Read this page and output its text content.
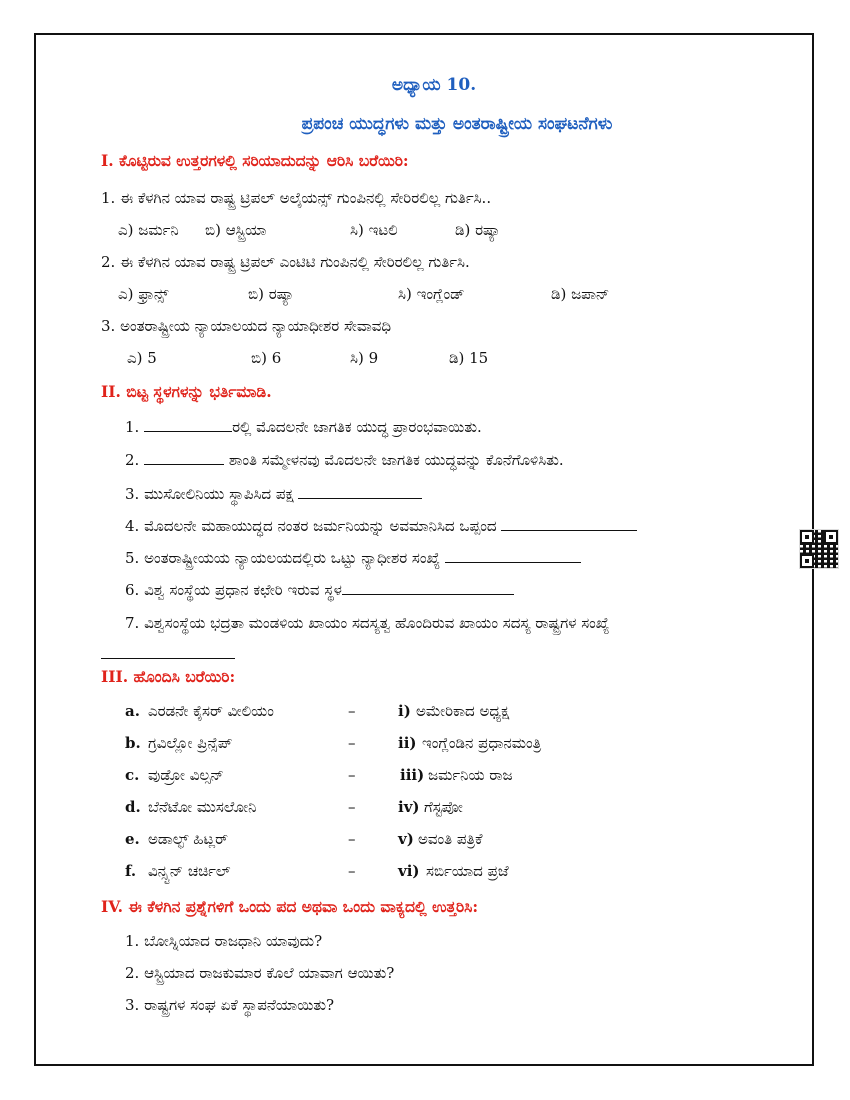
ಅಧ್ಯಾಯ 10.
ಪ್ರಪಂಚ ಯುದ್ಧಗಳು ಮತ್ತು ಅಂತರಾಷ್ಟ್ರೀಯ ಸಂಘಟನೆಗಳು
I. ಕೊಟ್ಟಿರುವ ಉತ್ತರಗಳಲ್ಲಿ ಸರಿಯಾದುದನ್ನು ಆರಿಸಿ ಬರೆಯಿರಿ:
1. ಈ ಕೆಳಗಿನ ಯಾವ ರಾಷ್ಟ್ರ ಟ್ರಿಪಲ್ ಅಲೈಯನ್ಸ್ ಗುಂಪಿನಲ್ಲಿ ಸೇರಿರಲಿಲ್ಲ ಗುರ್ತಿಸಿ..
ಎ) ಜರ್ಮನಿ ಬಿ) ಆಸ್ಟ್ರಿಯಾ	ಸಿ) ಇಟಲಿ	ಡಿ) ರಷ್ಯಾ
2. ಈ ಕೆಳಗಿನ ಯಾವ ರಾಷ್ಟ್ರ ಟ್ರಿಪಲ್ ಎಂಟಿಟಿ ಗುಂಪಿನಲ್ಲಿ ಸೇರಿರಲಿಲ್ಲ ಗುರ್ತಿಸಿ.
ಎ) ಫ್ರಾನ್ಸ್	ಬಿ) ರಷ್ಯಾ	ಸಿ) ಇಂಗ್ಲೆಂಡ್	ಡಿ) ಜಪಾನ್
3. ಅಂತರಾಷ್ಟ್ರೀಯ ನ್ಯಾಯಾಲಯದ ನ್ಯಾಯಾಧೀಶರ ಸೇವಾವಧಿ
ಎ) 5	ಬಿ) 6	ಸಿ) 9	ಡಿ) 15
II. ಬಿಟ್ಟ ಸ್ಥಳಗಳನ್ನು ಭರ್ತಿಮಾಡಿ.
1.	ರಲ್ಲಿ ಮೊದಲನೇ ಜಾಗತಿಕ ಯುದ್ಧ ಪ್ರಾರಂಭವಾಯಿತು.
2.	ಶಾಂತಿ ಸಮ್ಮೇಳನವು ಮೊದಲನೇ ಜಾಗತಿಕ ಯುದ್ಧವನ್ನು ಕೊನೆಗೊಳಿಸಿತು.
3. ಮುಸೋಲಿನಿಯು ಸ್ಥಾಪಿಸಿದ ಪಕ್ಷ
4. ಮೊದಲನೇ ಮಹಾಯುದ್ಧದ ನಂತರ ಜರ್ಮನಿಯನ್ನು ಅವಮಾನಿಸಿದ ಒಪ್ಪಂದ
5. ಅಂತರಾಷ್ಟ್ರೀಯಯ ನ್ಯಾಯಲಯದಲ್ಲಿರು ಒಟ್ಟು ನ್ಯಾಧೀಶರ ಸಂಖ್ಯೆ
6. ವಿಶ್ವ ಸಂಸ್ಥೆಯ ಪ್ರಧಾನ ಕಛೇರಿ ಇರುವ ಸ್ಥಳ
7. ವಿಶ್ವಸಂಸ್ಥೆಯ ಭದ್ರತಾ ಮಂಡಳಿಯ ಖಾಯಂ ಸದಸ್ಯತ್ವ ಹೊಂದಿರುವ ಖಾಯಂ ಸದಸ್ಯ ರಾಷ್ಟ್ರಗಳ ಸಂಖ್ಯೆ
III. ಹೊಂದಿಸಿ ಬರೆಯಿರಿ:
a. ಎರಡನೇ ಕೈಸರ್ ವೀಲಿಯಂ	–	i) ಅಮೇರಿಕಾದ ಅಧ್ಯಕ್ಷ
b. ಗ್ರವಿಲ್ಲೋ ಪ್ರಿನ್ಸೆಪ್	–	ii) ಇಂಗ್ಲೆಂಡಿನ ಪ್ರಧಾನಮಂತ್ರಿ
c. ವುಡ್ರೋ ವಿಲ್ಸನ್	–	iii) ಜರ್ಮನಿಯ ರಾಜ
d. ಬೆನೆಟೋ ಮುಸಲೋನಿ	–	iv) ಗೆಸ್ಟಪೋ
e. ಅಡಾಲ್ಫ್ ಹಿಟ್ಲರ್	–	v) ಅವಂತಿ ಪತ್ರಿಕೆ
f. ವಿನ್ಸ್ಟನ್ ಚರ್ಚಿಲ್	–	vi) ಸರ್ಬಿಯಾದ ಪ್ರಜೆ
IV. ಈ ಕೆಳಗಿನ ಪ್ರಶ್ನೆಗಳಿಗೆ ಒಂದು ಪದ ಅಥವಾ ಒಂದು ವಾಕ್ಯದಲ್ಲಿ ಉತ್ತರಿಸಿ:
1. ಬೋಸ್ನಿಯಾದ ರಾಜಧಾನಿ ಯಾವುದು?
2. ಆಸ್ಟ್ರಿಯಾದ ರಾಜಕುಮಾರ ಕೊಲೆ ಯಾವಾಗ ಆಯಿತು?
3. ರಾಷ್ಟ್ರಗಳ ಸಂಘ ಏಕೆ ಸ್ಥಾಪನೆಯಾಯಿತು?
